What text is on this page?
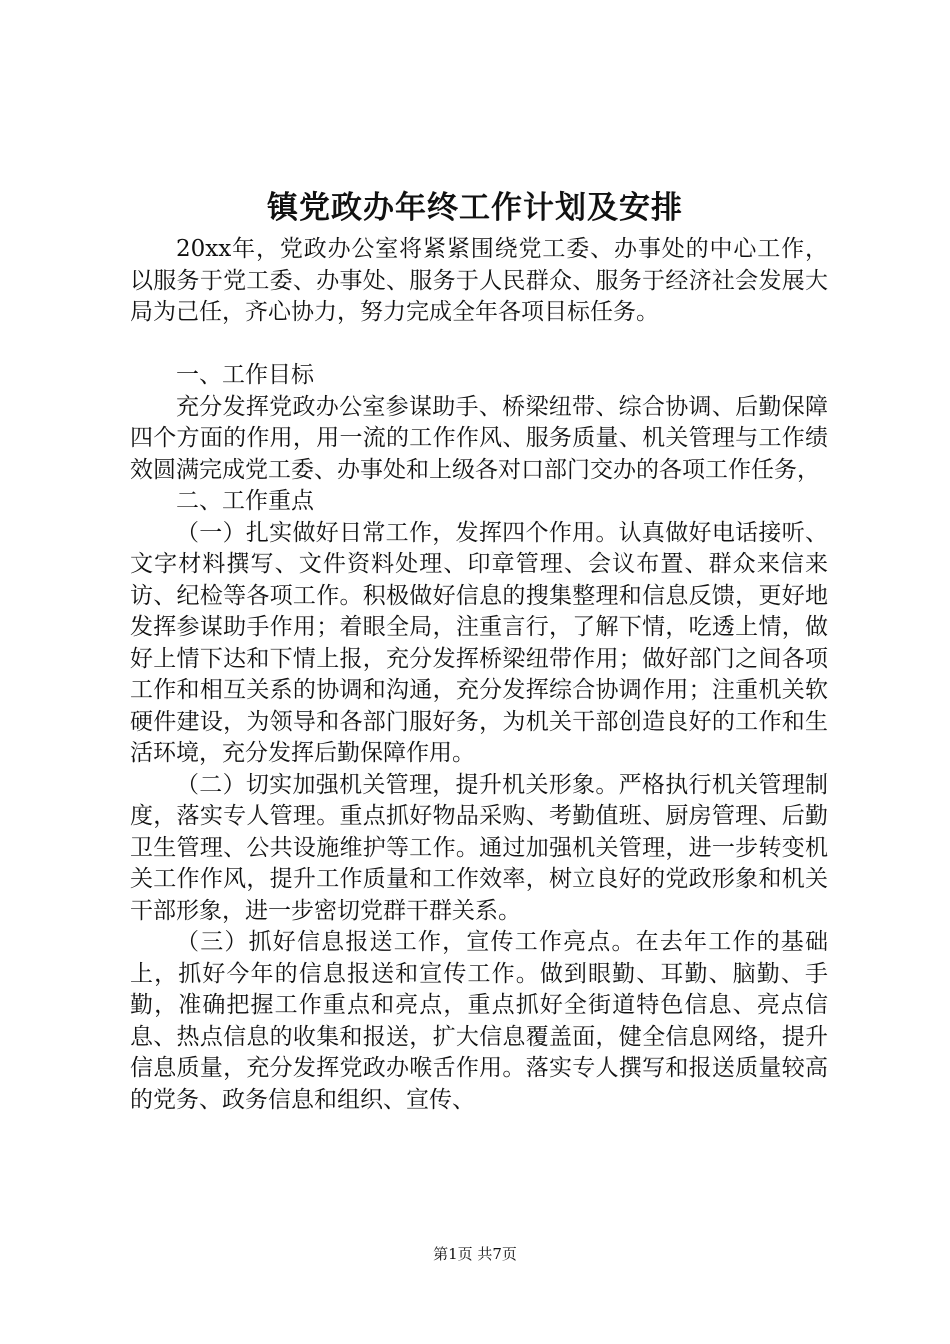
镇党政办年终工作计划及安排

20xx年，党政办公室将紧紧围绕党工委、办事处的中心工作，以服务于党工委、办事处、服务于人民群众、服务于经济社会发展大局为己任，齐心协力，努力完成全年各项目标任务。

一、工作目标

充分发挥党政办公室参谋助手、桥梁纽带、综合协调、后勤保障四个方面的作用，用一流的工作作风、服务质量、机关管理与工作绩效圆满完成党工委、办事处和上级各对口部门交办的各项工作任务，

二、工作重点

（一）扎实做好日常工作，发挥四个作用。认真做好电话接听、文字材料撰写、文件资料处理、印章管理、会议布置、群众来信来访、纪检等各项工作。积极做好信息的搜集整理和信息反馈，更好地发挥参谋助手作用；着眼全局，注重言行，了解下情，吃透上情，做好上情下达和下情上报，充分发挥桥梁纽带作用；做好部门之间各项工作和相互关系的协调和沟通，充分发挥综合协调作用；注重机关软硬件建设，为领导和各部门服好务，为机关干部创造良好的工作和生活环境，充分发挥后勤保障作用。

（二）切实加强机关管理，提升机关形象。严格执行机关管理制度，落实专人管理。重点抓好物品采购、考勤值班、厨房管理、后勤卫生管理、公共设施维护等工作。通过加强机关管理，进一步转变机关工作作风，提升工作质量和工作效率，树立良好的党政形象和机关干部形象，进一步密切党群干群关系。

（三）抓好信息报送工作，宣传工作亮点。在去年工作的基础上，抓好今年的信息报送和宣传工作。做到眼勤、耳勤、脑勤、手勤，准确把握工作重点和亮点，重点抓好全街道特色信息、亮点信息、热点信息的收集和报送，扩大信息覆盖面，健全信息网络，提升信息质量，充分发挥党政办喉舌作用。落实专人撰写和报送质量较高的党务、政务信息和组织、宣传、

第1页 共7页
